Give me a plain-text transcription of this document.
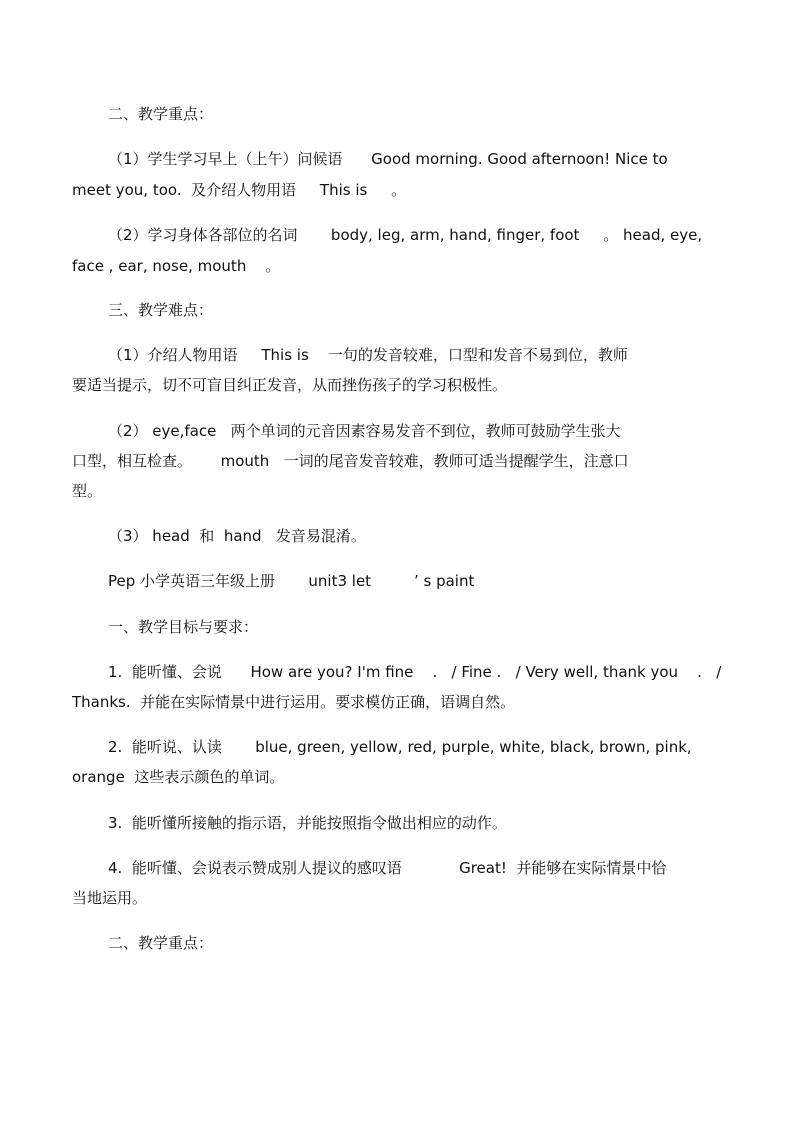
二、教学重点：

（1）学生学习早上（上午）问候语      Good morning. Good afternoon! Nice to

meet you, too.  及介绍人物用语     This is     。

（2）学习身体各部位的名词       body, leg, arm, hand, finger, foot     。 head, eye,

face , ear, nose, mouth    。

三、教学难点：

（1）介绍人物用语     This is    一句的发音较难，口型和发音不易到位，教师

要适当提示，切不可盲目纠正发音，从而挫伤孩子的学习积极性。

（2） eye,face   两个单词的元音因素容易发音不到位，教师可鼓励学生张大

口型，相互检查。      mouth   一词的尾音发音较难，教师可适当提醒学生，注意口

型。

（3） head  和  hand   发音易混淆。

Pep 小学英语三年级上册       unit3 let         ’ s paint

一、教学目标与要求：

1.  能听懂、会说      How are you? I'm fine    .   / Fine .   / Very well, thank you    .   /

Thanks.  并能在实际情景中进行运用。要求模仿正确，语调自然。

2.  能听说、认读       blue, green, yellow, red, purple, white, black, brown, pink,

orange  这些表示颜色的单词。

3.  能听懂所接触的指示语，并能按照指令做出相应的动作。

4.  能听懂、会说表示赞成别人提议的感叹语            Great!  并能够在实际情景中恰

当地运用。

二、教学重点：
